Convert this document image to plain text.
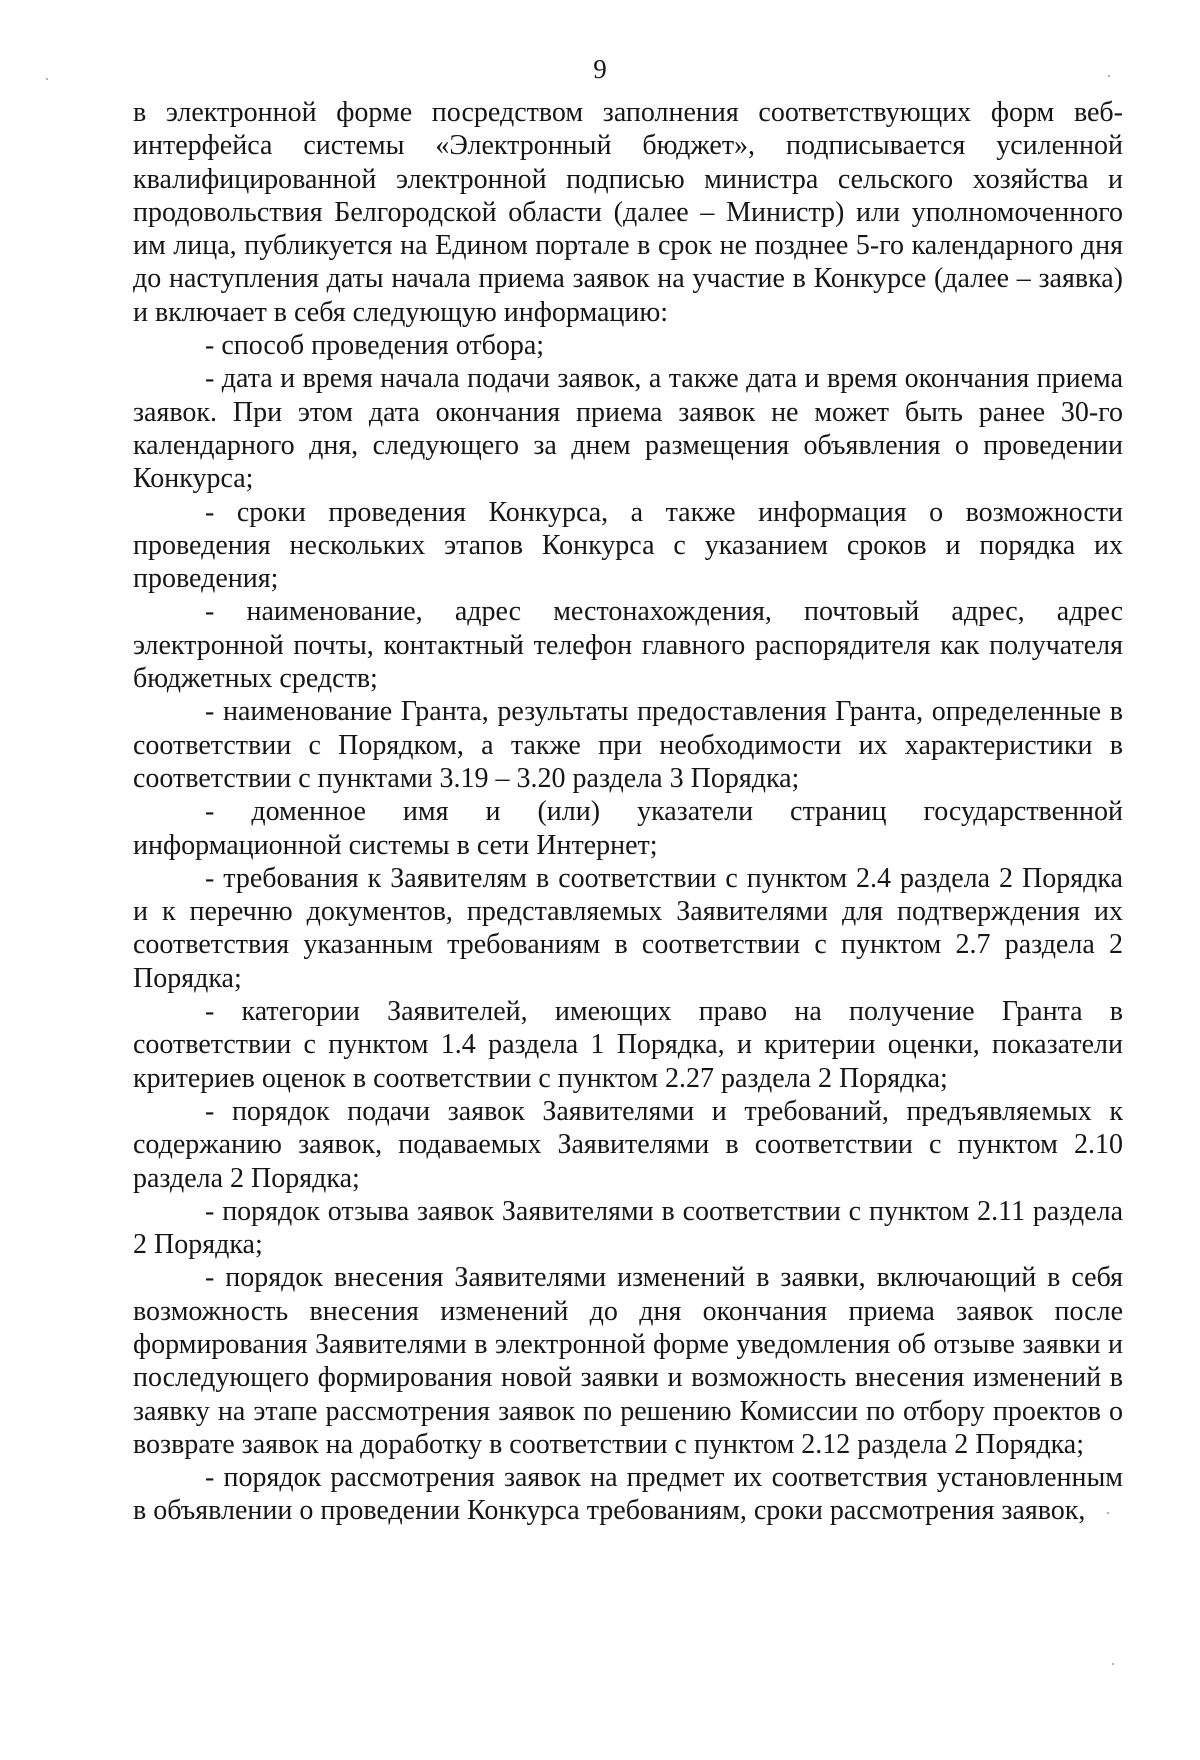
9

в электронной форме посредством заполнения соответствующих форм веб-интерфейса системы «Электронный бюджет», подписывается усиленной квалифицированной электронной подписью министра сельского хозяйства и продовольствия Белгородской области (далее – Министр) или уполномоченного им лица, публикуется на Едином портале в срок не позднее 5-го календарного дня до наступления даты начала приема заявок на участие в Конкурсе (далее – заявка) и включает в себя следующую информацию:

- способ проведения отбора;

- дата и время начала подачи заявок, а также дата и время окончания приема заявок. При этом дата окончания приема заявок не может быть ранее 30-го календарного дня, следующего за днем размещения объявления о проведении Конкурса;

- сроки проведения Конкурса, а также информация о возможности проведения нескольких этапов Конкурса с указанием сроков и порядка их проведения;

- наименование, адрес местонахождения, почтовый адрес, адрес электронной почты, контактный телефон главного распорядителя как получателя бюджетных средств;

- наименование Гранта, результаты предоставления Гранта, определенные в соответствии с Порядком, а также при необходимости их характеристики в соответствии с пунктами 3.19 – 3.20 раздела 3 Порядка;

- доменное имя и (или) указатели страниц государственной информационной системы в сети Интернет;

- требования к Заявителям в соответствии с пунктом 2.4 раздела 2 Порядка и к перечню документов, представляемых Заявителями для подтверждения их соответствия указанным требованиям в соответствии с пунктом 2.7 раздела 2 Порядка;

- категории Заявителей, имеющих право на получение Гранта в соответствии с пунктом 1.4 раздела 1 Порядка, и критерии оценки, показатели критериев оценок в соответствии с пунктом 2.27 раздела 2 Порядка;

- порядок подачи заявок Заявителями и требований, предъявляемых к содержанию заявок, подаваемых Заявителями в соответствии с пунктом 2.10 раздела 2 Порядка;

- порядок отзыва заявок Заявителями в соответствии с пунктом 2.11 раздела 2 Порядка;

- порядок внесения Заявителями изменений в заявки, включающий в себя возможность внесения изменений до дня окончания приема заявок после формирования Заявителями в электронной форме уведомления об отзыве заявки и последующего формирования новой заявки и возможность внесения изменений в заявку на этапе рассмотрения заявок по решению Комиссии по отбору проектов о возврате заявок на доработку в соответствии с пунктом 2.12 раздела 2 Порядка;

- порядок рассмотрения заявок на предмет их соответствия установленным в объявлении о проведении Конкурса требованиям, сроки рассмотрения заявок,
